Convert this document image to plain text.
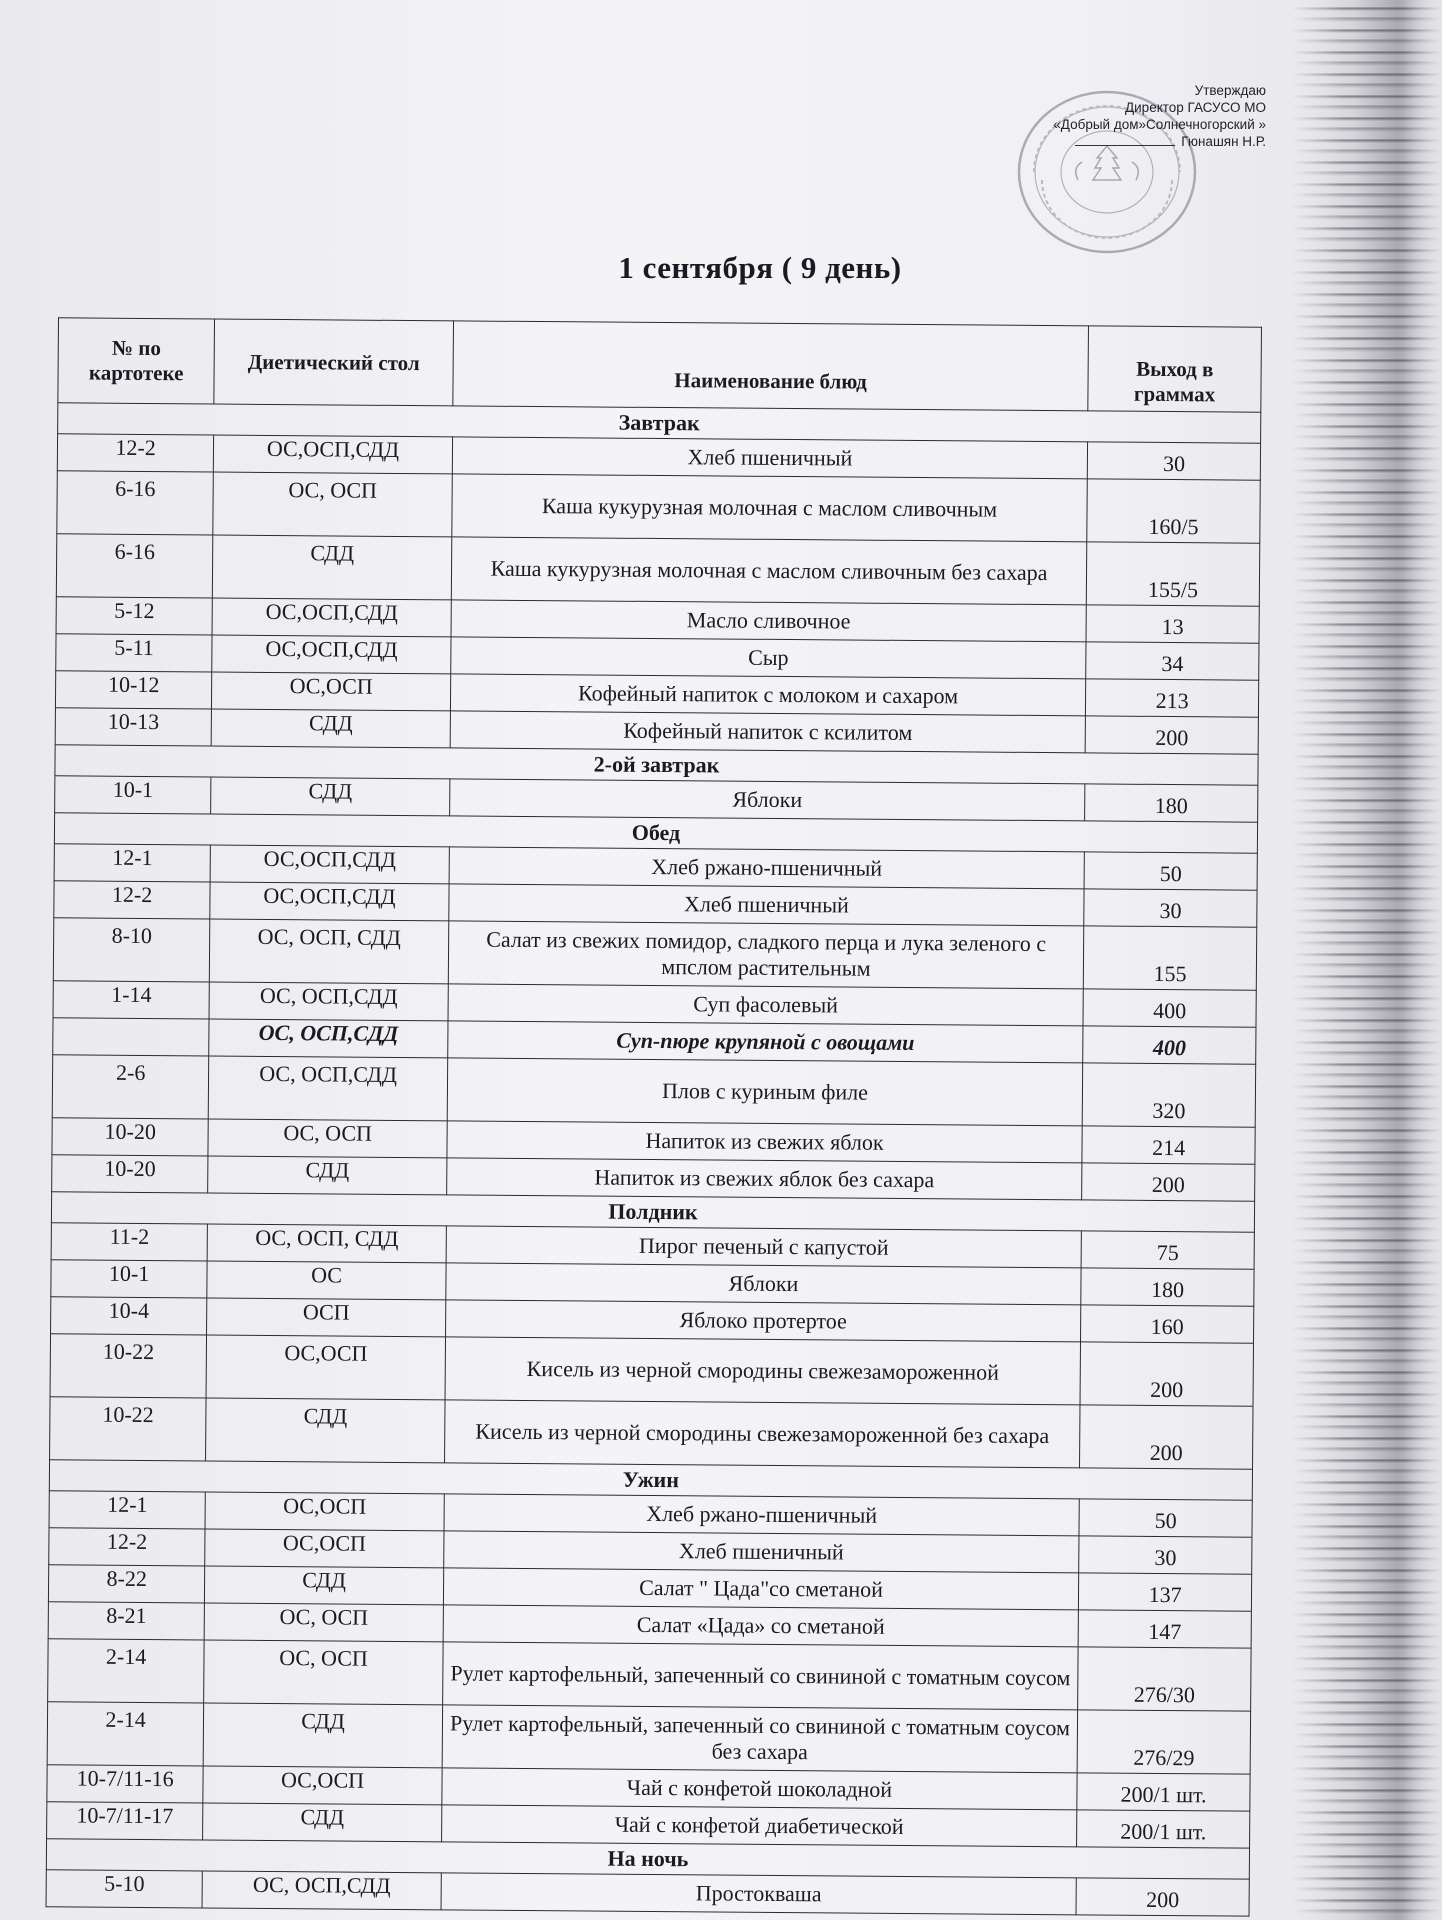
Утверждаю
Директор ГАСУСО МО
«Добрый дом»Солнечногорский »
Гюнашян Н.Р.
1 сентября ( 9 день)
№ по картотеке	Диетический стол	Наименование блюд	Выход в граммах
Завтрак			
12-2	ОС,ОСП,СДД	Хлеб пшеничный	30
6-16	ОС, ОСП	Каша кукурузная молочная с маслом сливочным	160/5
6-16	СДД	Каша кукурузная молочная с маслом сливочным без сахара	155/5
5-12	ОС,ОСП,СДД	Масло сливочное	13
5-11	ОС,ОСП,СДД	Сыр	34
10-12	ОС,ОСП	Кофейный напиток с молоком и сахаром	213
10-13	СДД	Кофейный напиток с ксилитом	200
2-ой завтрак			
10-1	СДД	Яблоки	180
Обед			
12-1	ОС,ОСП,СДД	Хлеб ржано-пшеничный	50
12-2	ОС,ОСП,СДД	Хлеб пшеничный	30
8-10	ОС, ОСП, СДД	Салат из свежих помидор, сладкого перца и лука зеленого с мпслом растительным	155
1-14	ОС, ОСП,СДД	Суп фасолевый	400
	ОС, ОСП,СДД	Суп-пюре крупяной с овощами	400
2-6	ОС, ОСП,СДД	Плов с куриным филе	320
10-20	ОС, ОСП	Напиток из свежих яблок	214
10-20	СДД	Напиток из свежих яблок без сахара	200
Полдник			
11-2	ОС, ОСП, СДД	Пирог печеный с капустой	75
10-1	ОС	Яблоки	180
10-4	ОСП	Яблоко протертое	160
10-22	ОС,ОСП	Кисель из черной смородины свежезамороженной	200
10-22	СДД	Кисель из черной смородины свежезамороженной без сахара	200
Ужин			
12-1	ОС,ОСП	Хлеб ржано-пшеничный	50
12-2	ОС,ОСП	Хлеб пшеничный	30
8-22	СДД	Салат " Цада"со сметаной	137
8-21	ОС, ОСП	Салат «Цада» со сметаной	147
2-14	ОС, ОСП	Рулет картофельный, запеченный со свининой с томатным соусом	276/30
2-14	СДД	Рулет картофельный, запеченный со свининой с томатным соусом без сахара	276/29
10-7/11-16	ОС,ОСП	Чай с конфетой шоколадной	200/1 шт.
10-7/11-17	СДД	Чай с конфетой диабетической	200/1 шт.
На ночь			
5-10	ОС, ОСП,СДД	Простокваша	200
